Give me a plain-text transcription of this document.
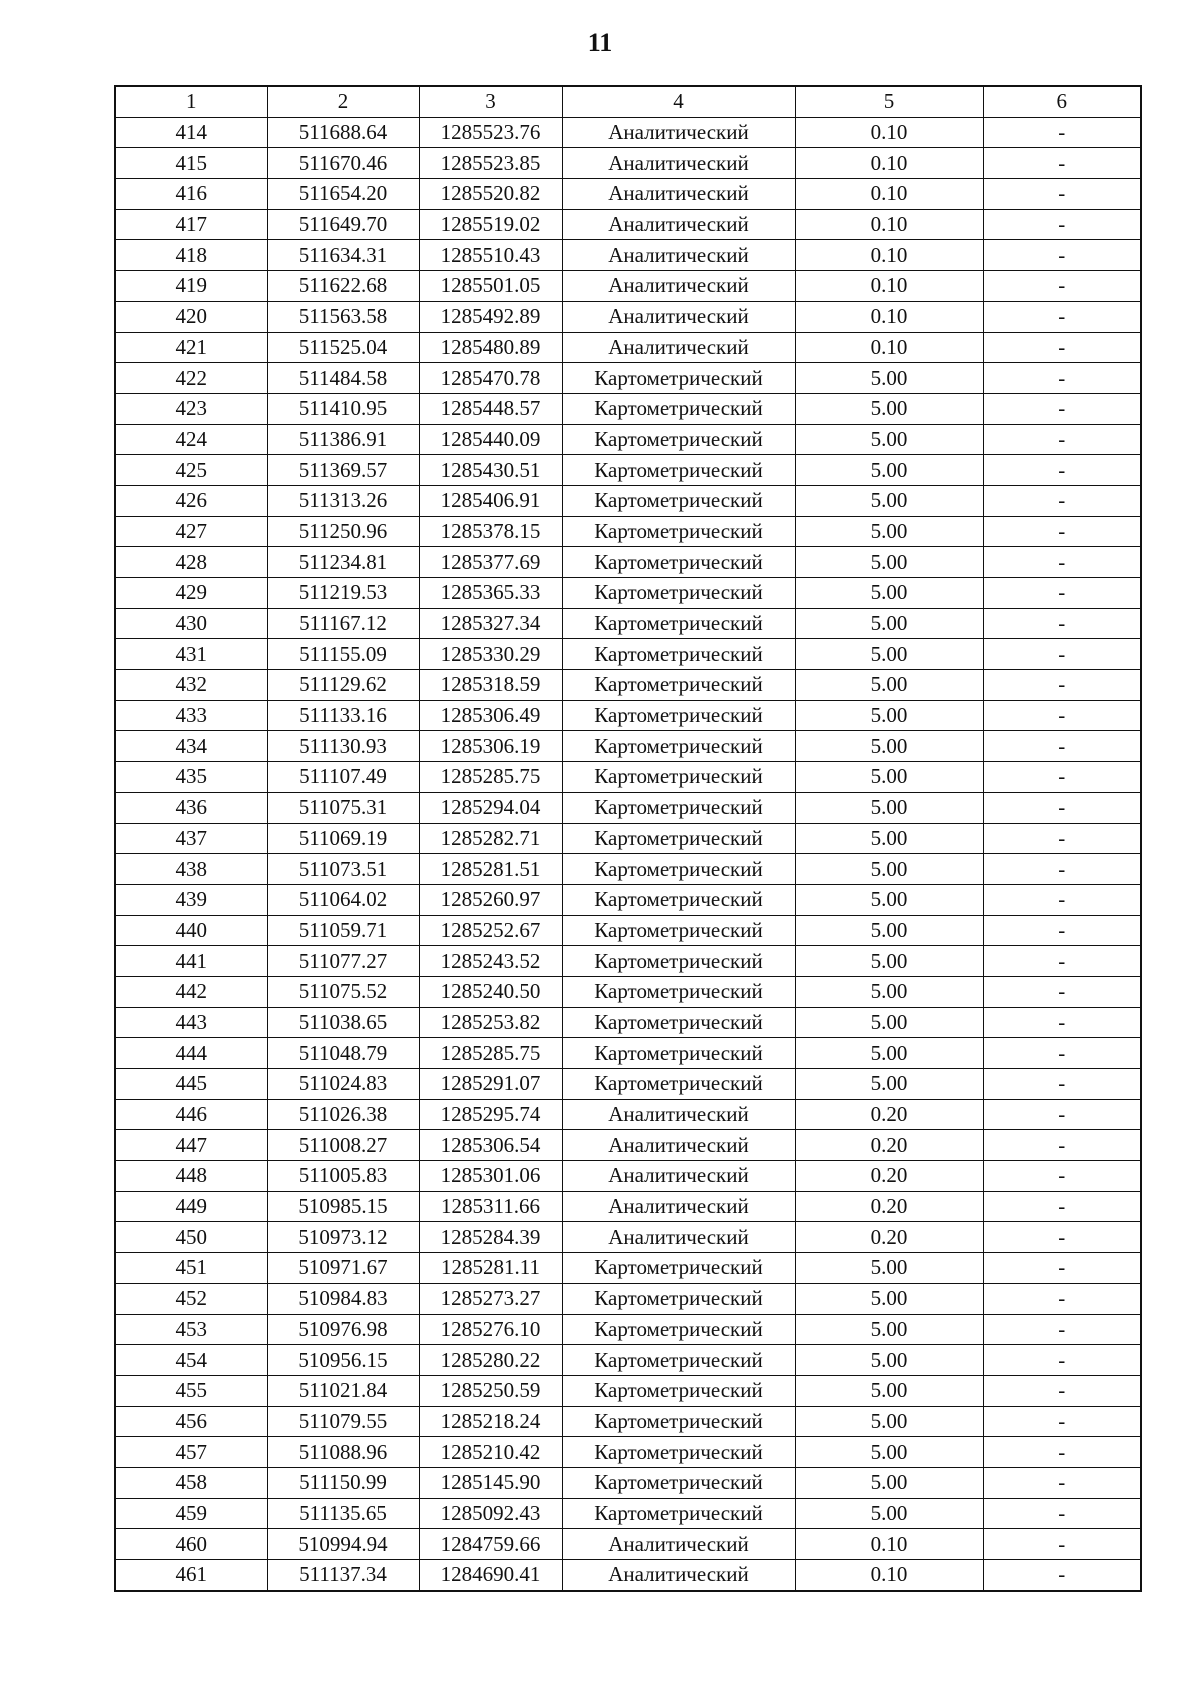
11
1	2	3	4	5	6
414	511688.64	1285523.76	Аналитический	0.10	-
415	511670.46	1285523.85	Аналитический	0.10	-
416	511654.20	1285520.82	Аналитический	0.10	-
417	511649.70	1285519.02	Аналитический	0.10	-
418	511634.31	1285510.43	Аналитический	0.10	-
419	511622.68	1285501.05	Аналитический	0.10	-
420	511563.58	1285492.89	Аналитический	0.10	-
421	511525.04	1285480.89	Аналитический	0.10	-
422	511484.58	1285470.78	Картометрический	5.00	-
423	511410.95	1285448.57	Картометрический	5.00	-
424	511386.91	1285440.09	Картометрический	5.00	-
425	511369.57	1285430.51	Картометрический	5.00	-
426	511313.26	1285406.91	Картометрический	5.00	-
427	511250.96	1285378.15	Картометрический	5.00	-
428	511234.81	1285377.69	Картометрический	5.00	-
429	511219.53	1285365.33	Картометрический	5.00	-
430	511167.12	1285327.34	Картометрический	5.00	-
431	511155.09	1285330.29	Картометрический	5.00	-
432	511129.62	1285318.59	Картометрический	5.00	-
433	511133.16	1285306.49	Картометрический	5.00	-
434	511130.93	1285306.19	Картометрический	5.00	-
435	511107.49	1285285.75	Картометрический	5.00	-
436	511075.31	1285294.04	Картометрический	5.00	-
437	511069.19	1285282.71	Картометрический	5.00	-
438	511073.51	1285281.51	Картометрический	5.00	-
439	511064.02	1285260.97	Картометрический	5.00	-
440	511059.71	1285252.67	Картометрический	5.00	-
441	511077.27	1285243.52	Картометрический	5.00	-
442	511075.52	1285240.50	Картометрический	5.00	-
443	511038.65	1285253.82	Картометрический	5.00	-
444	511048.79	1285285.75	Картометрический	5.00	-
445	511024.83	1285291.07	Картометрический	5.00	-
446	511026.38	1285295.74	Аналитический	0.20	-
447	511008.27	1285306.54	Аналитический	0.20	-
448	511005.83	1285301.06	Аналитический	0.20	-
449	510985.15	1285311.66	Аналитический	0.20	-
450	510973.12	1285284.39	Аналитический	0.20	-
451	510971.67	1285281.11	Картометрический	5.00	-
452	510984.83	1285273.27	Картометрический	5.00	-
453	510976.98	1285276.10	Картометрический	5.00	-
454	510956.15	1285280.22	Картометрический	5.00	-
455	511021.84	1285250.59	Картометрический	5.00	-
456	511079.55	1285218.24	Картометрический	5.00	-
457	511088.96	1285210.42	Картометрический	5.00	-
458	511150.99	1285145.90	Картометрический	5.00	-
459	511135.65	1285092.43	Картометрический	5.00	-
460	510994.94	1284759.66	Аналитический	0.10	-
461	511137.34	1284690.41	Аналитический	0.10	-
